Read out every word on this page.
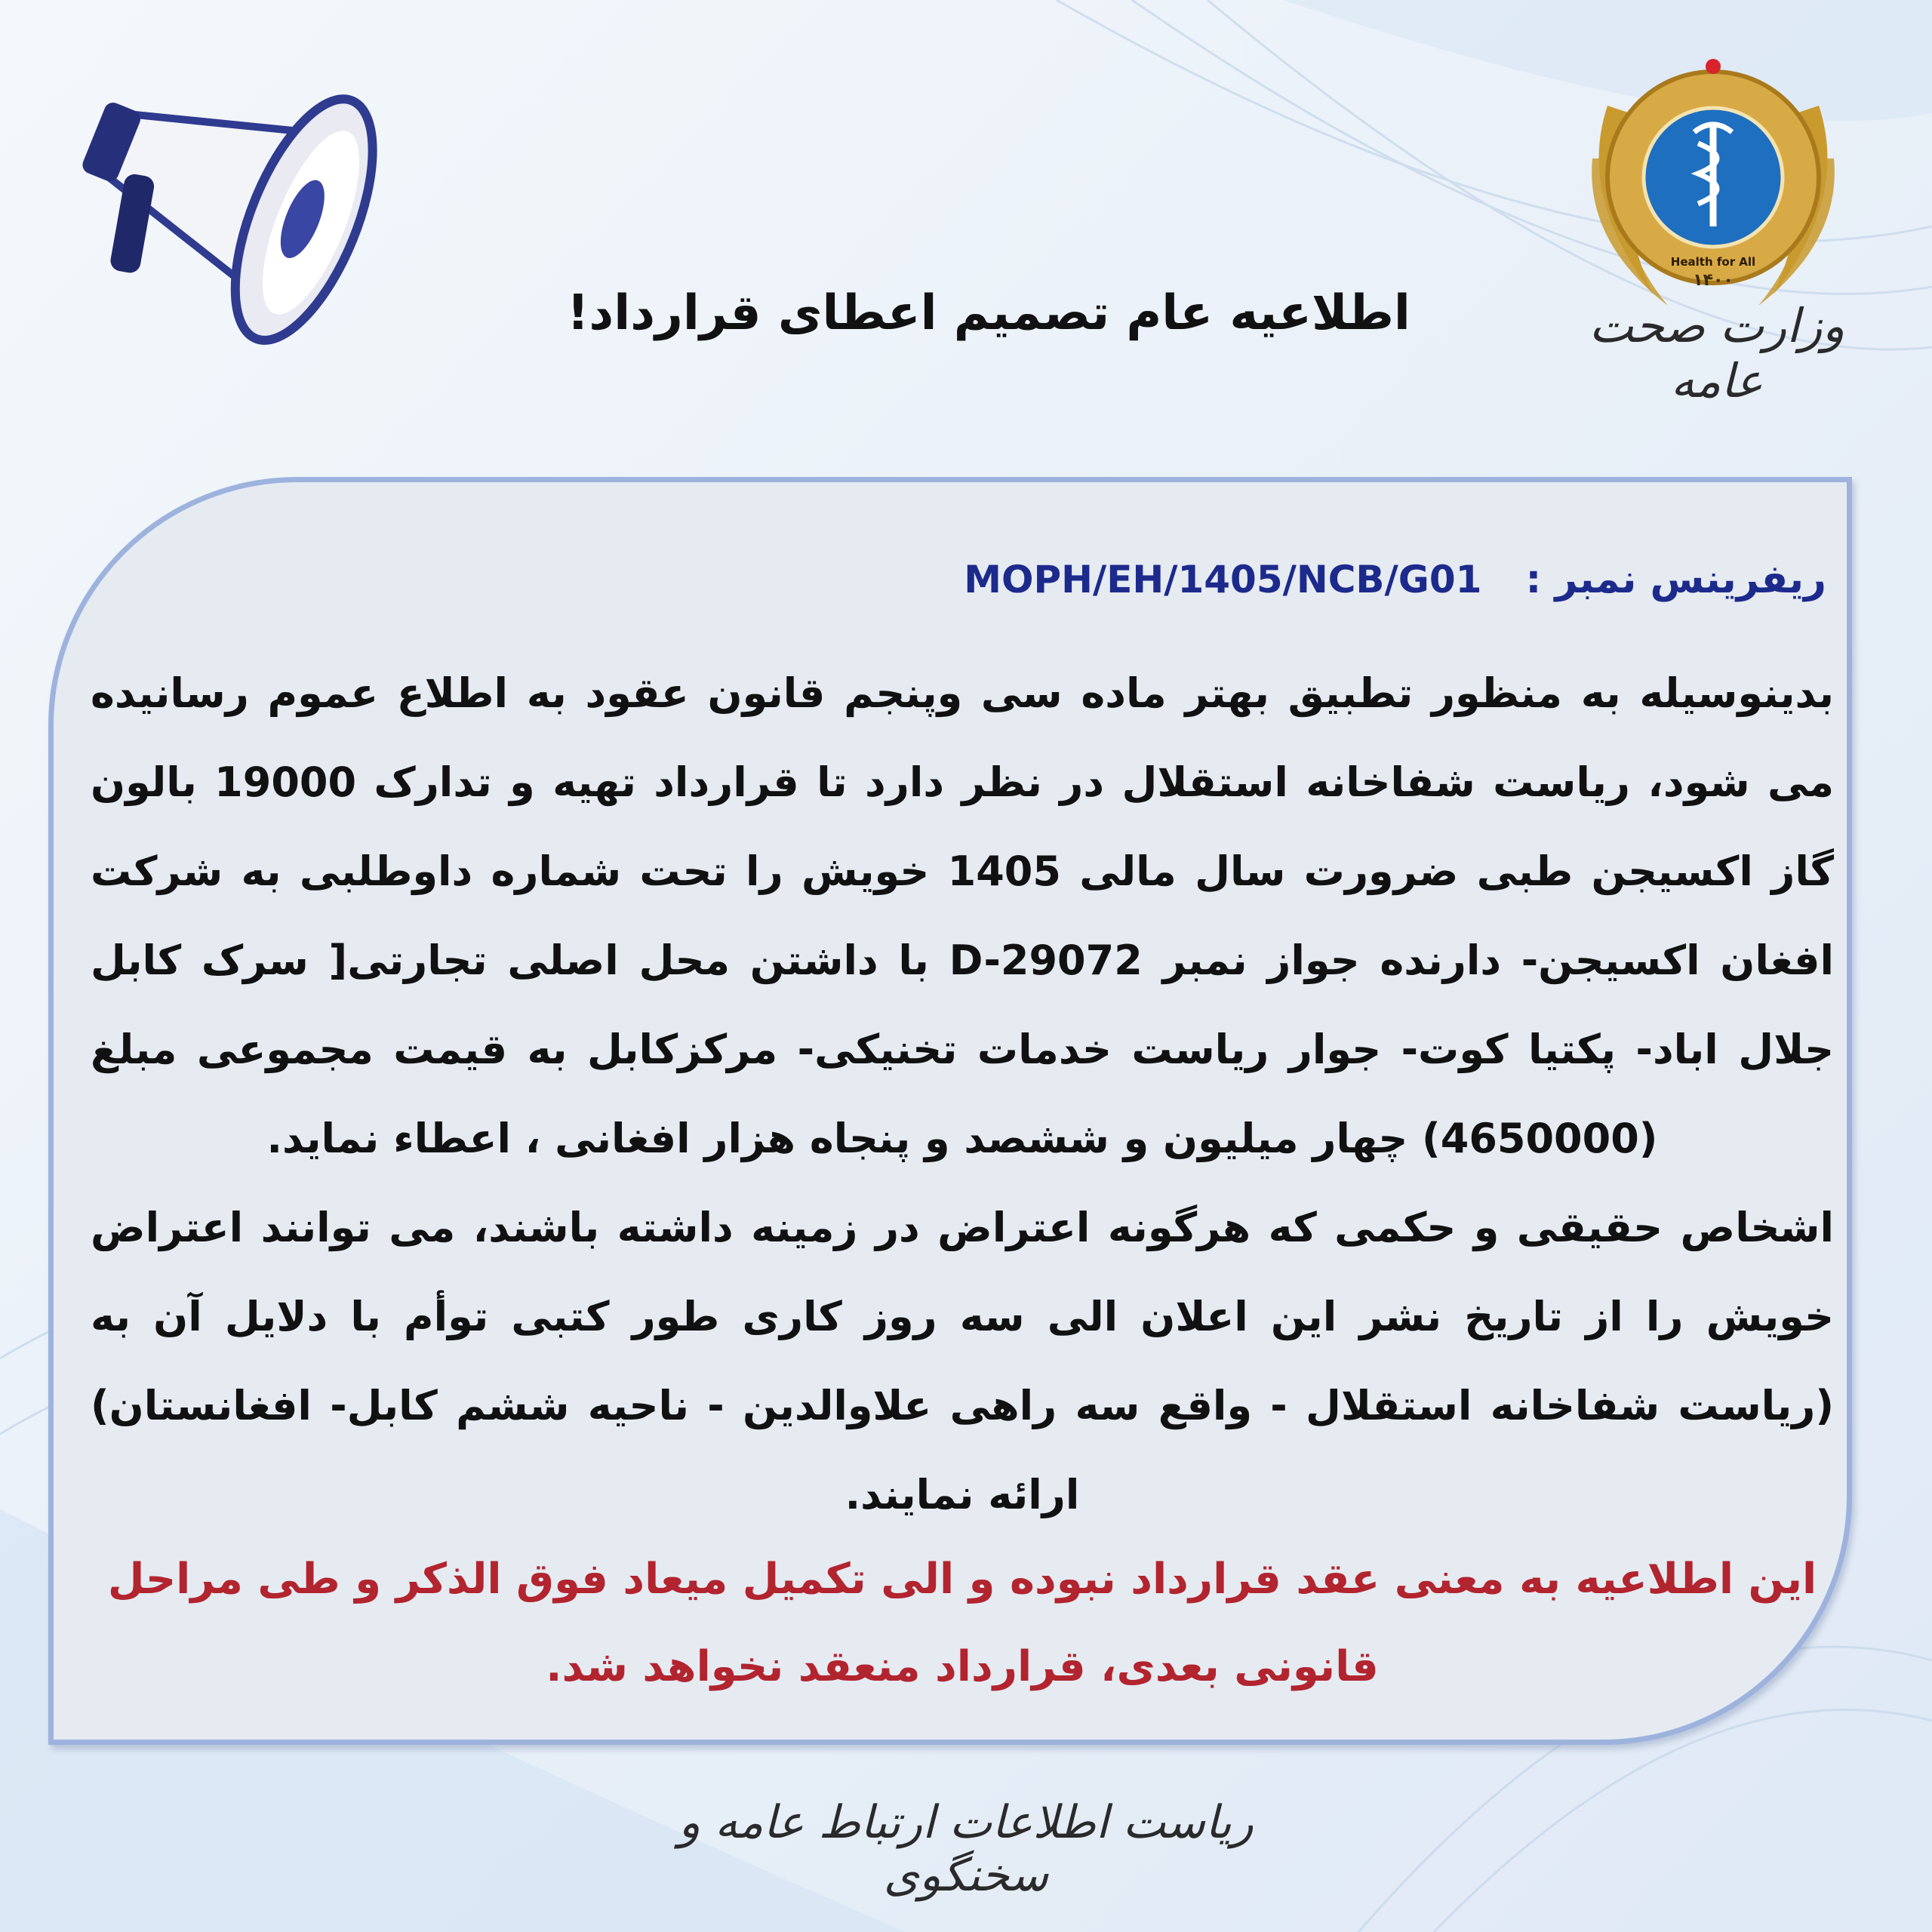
۱۴۰۰
Health for All
وزارت صحت عامه
اطلاعیه عام تصمیم اعطای قرارداد!
ریفرینس نمبر : MOPH/EH/1405/NCB/G01
بدینوسیله به منظور تطبیق بهتر ماده سی وپنجم قانون عقود به اطلاع عموم رسانیده می شود، ریاست شفاخانه استقلال در نظر دارد تا قرارداد تهیه و تدارک 19000 بالون گاز اکسیجن طبی ضرورت سال مالی 1405 خویش را تحت شماره داوطلبی به شرکت افغان اکسیجن- دارنده جواز نمبر D-29072 با داشتن محل اصلی تجارتی[ سرک کابل جلال اباد- پکتیا کوت- جوار ریاست خدمات تخنیکی- مرکزکابل به قیمت مجموعی مبلغ (4650000) چهار میلیون و ششصد و پنجاه هزار افغانی ، اعطاء نماید.
اشخاص حقیقی و حکمی که هرگونه اعتراض در زمینه داشته باشند، می توانند اعتراض خویش را از تاریخ نشر این اعلان الی سه روز کاری طور کتبی توأم با دلایل آن به (ریاست شفاخانه استقلال - واقع سه راهی علاوالدین - ناحیه ششم کابل- افغانستان) ارائه نمایند.
این اطلاعیه به معنی عقد قرارداد نبوده و الی تکمیل میعاد فوق الذکر و طی مراحل قانونی بعدی، قرارداد منعقد نخواهد شد.
ریاست اطلاعات ارتباط عامه و سخنگوی
